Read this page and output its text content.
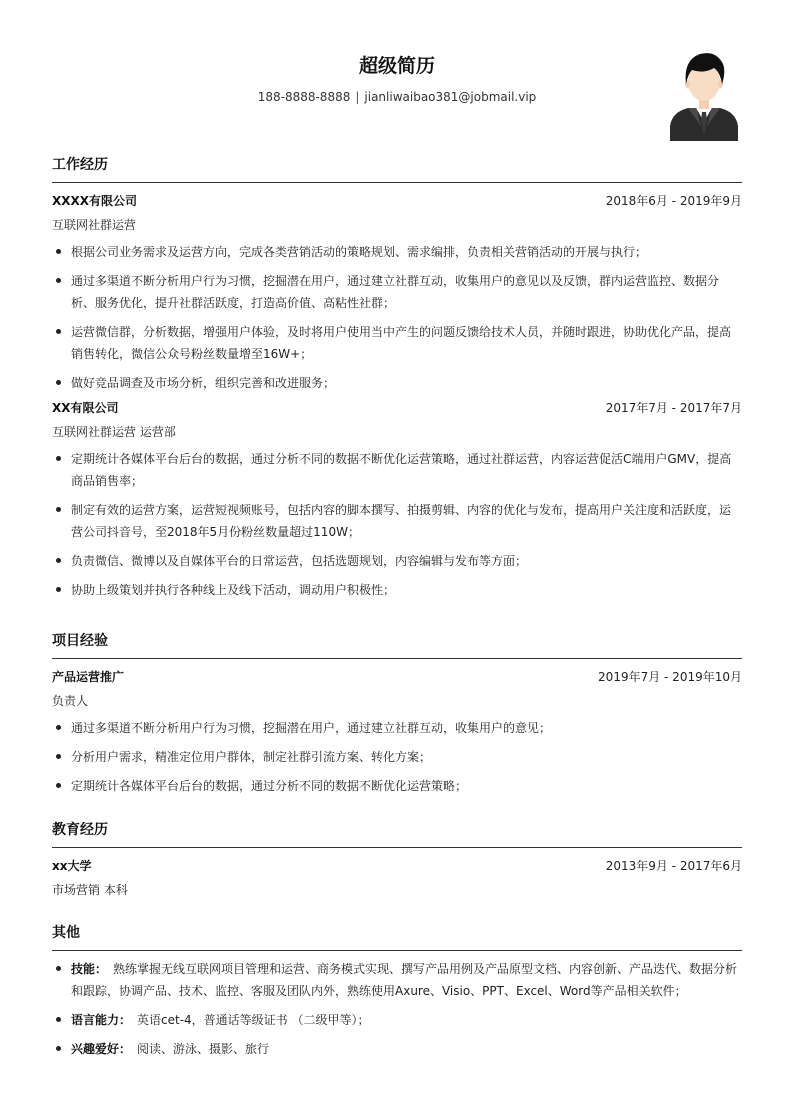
超级简历
188-8888-8888 | jianliwaibao381@jobmail.vip
工作经历
XXXX有限公司	2018年6月 - 2019年9月
互联网社群运营
根据公司业务需求及运营方向，完成各类营销活动的策略规划、需求编排，负责相关营销活动的开展与执行；
通过多渠道不断分析用户行为习惯，挖掘潜在用户，通过建立社群互动，收集用户的意见以及反馈，群内运营监控、数据分析、服务优化，提升社群活跃度，打造高价值、高粘性社群；
运营微信群，分析数据，增强用户体验，及时将用户使用当中产生的问题反馈给技术人员，并随时跟进，协助优化产品，提高销售转化，微信公众号粉丝数量增至16W+；
做好竞品调查及市场分析，组织完善和改进服务；
XX有限公司	2017年7月 - 2017年7月
互联网社群运营 运营部
定期统计各媒体平台后台的数据，通过分析不同的数据不断优化运营策略，通过社群运营，内容运营促活C端用户GMV，提高商品销售率；
制定有效的运营方案，运营短视频账号，包括内容的脚本撰写、拍摄剪辑、内容的优化与发布，提高用户关注度和活跃度，运营公司抖音号，至2018年5月份粉丝数量超过110W；
负责微信、微博以及自媒体平台的日常运营，包括选题规划，内容编辑与发布等方面；
协助上级策划并执行各种线上及线下活动，调动用户积极性；
项目经验
产品运营推广	2019年7月 - 2019年10月
负责人
通过多渠道不断分析用户行为习惯，挖掘潜在用户，通过建立社群互动，收集用户的意见；
分析用户需求，精准定位用户群体，制定社群引流方案、转化方案；
定期统计各媒体平台后台的数据，通过分析不同的数据不断优化运营策略；
教育经历
xx大学	2013年9月 - 2017年6月
市场营销 本科
其他
技能： 熟练掌握无线互联网项目管理和运营、商务模式实现、撰写产品用例及产品原型文档、内容创新、产品迭代、数据分析和跟踪，协调产品、技术、监控、客服及团队内外，熟练使用Axure、Visio、PPT、Excel、Word等产品相关软件；
语言能力： 英语cet-4，普通话等级证书 （二级甲等）；
兴趣爱好： 阅读、游泳、摄影、旅行
